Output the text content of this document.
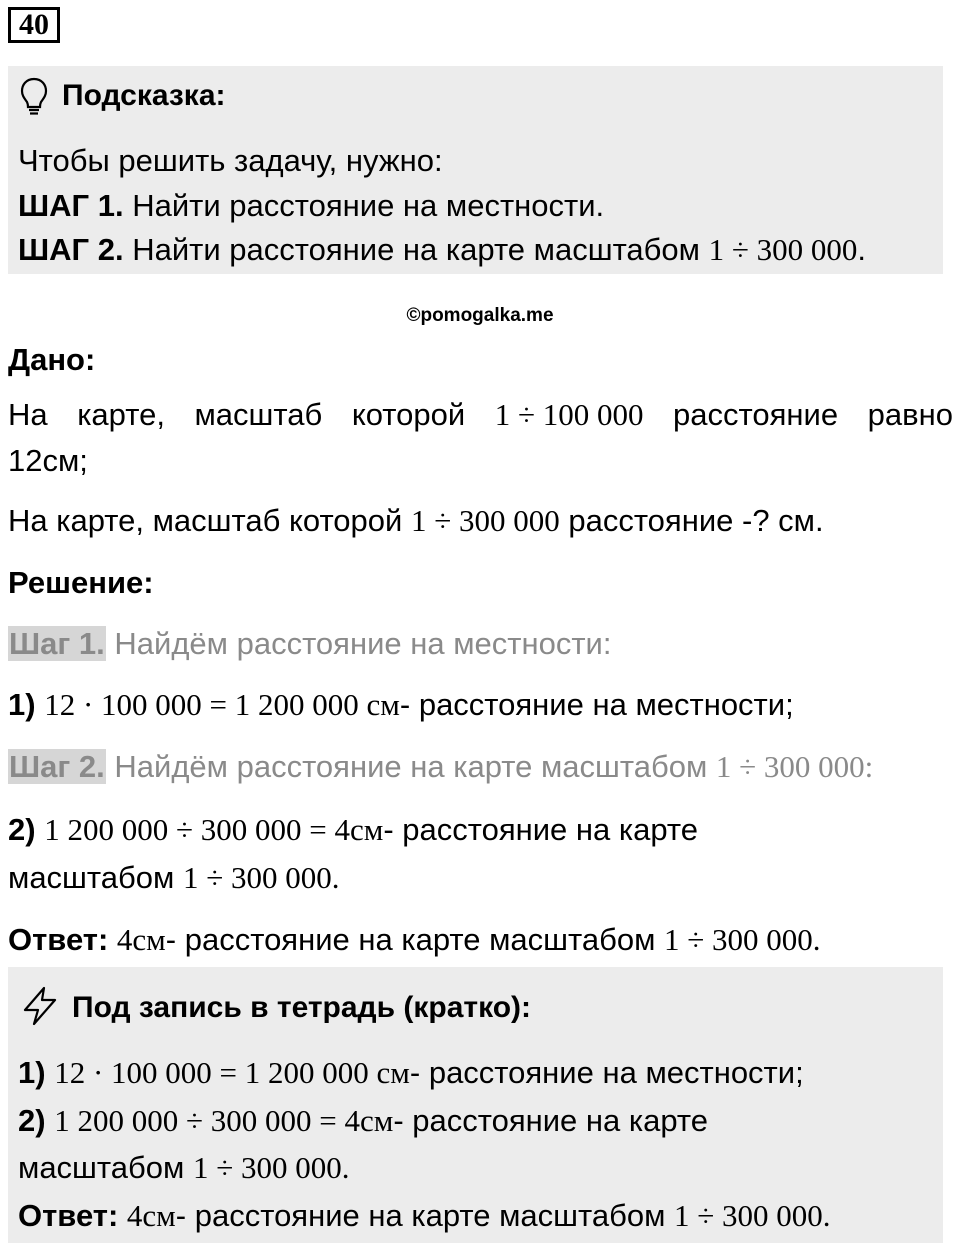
40
Подсказка:
Чтобы решить задачу, нужно:
ШАГ 1. Найти расстояние на местности.
ШАГ 2. Найти расстояние на карте масштабом 1 ÷ 300 000.
©pomogalka.me
Дано:
На карте, масштаб которой 1 ÷ 100 000 расстояние равно
12см;
На карте, масштаб которой 1 ÷ 300 000 расстояние -? см.
Решение:
Шаг 1. Найдём расстояние на местности:
1) 12 · 100 000 = 1 200 000 см- расстояние на местности;
Шаг 2. Найдём расстояние на карте масштабом 1 ÷ 300 000:
2) 1 200 000 ÷ 300 000 = 4см- расстояние на карте
масштабом 1 ÷ 300 000.
Ответ: 4см- расстояние на карте масштабом 1 ÷ 300 000.
Под запись в тетрадь (кратко):
1) 12 · 100 000 = 1 200 000 см- расстояние на местности;
2) 1 200 000 ÷ 300 000 = 4см- расстояние на карте
масштабом 1 ÷ 300 000.
Ответ: 4см- расстояние на карте масштабом 1 ÷ 300 000.
